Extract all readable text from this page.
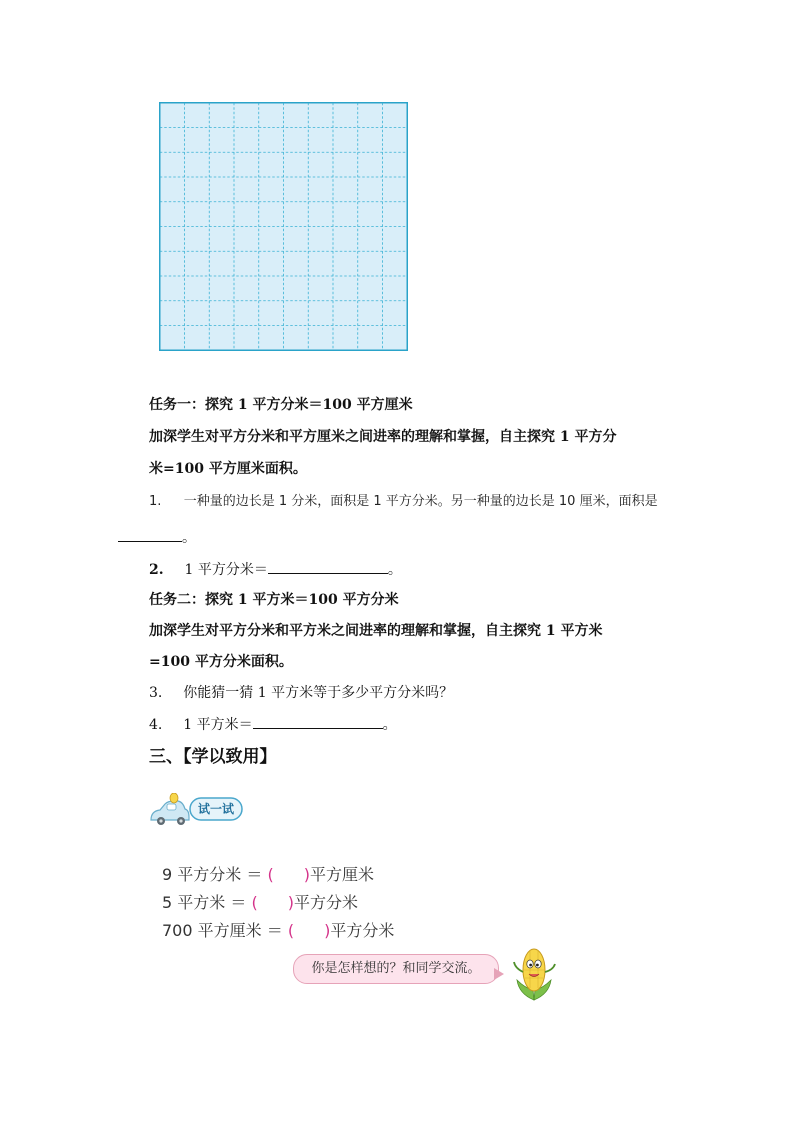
任务一：探究 1 平方分米＝100 平方厘米
加深学生对平方分米和平方厘米之间进率的理解和掌握，自主探究 1 平方分
米=100 平方厘米面积。
1. 一种量的边长是 1 分米，面积是 1 平方分米。另一种量的边长是 10 厘米，面积是
。
2. 1 平方分米＝	。
任务二：探究 1 平方米＝100 平方分米
加深学生对平方分米和平方米之间进率的理解和掌握，自主探究 1 平方米
=100 平方分米面积。
3. 你能猜一猜 1 平方米等于多少平方分米吗？
4. 1 平方米＝	。
三、【学以致用】
试一试
9 平方分米 ＝ ( )平方厘米
5 平方米 ＝ ( )平方分米
700 平方厘米 ＝ ( )平方分米
你是怎样想的？和同学交流。
